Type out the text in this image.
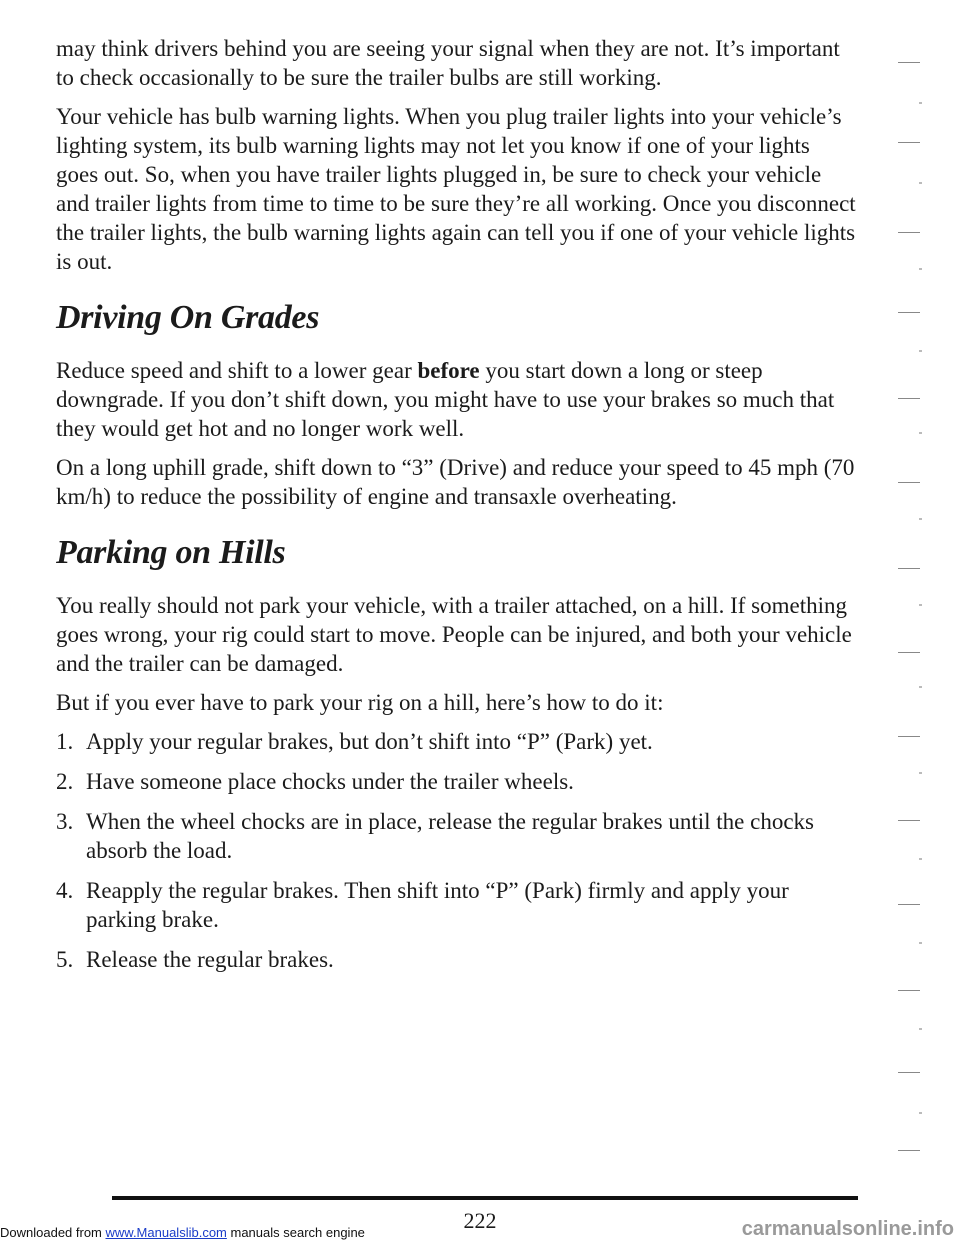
may think drivers behind you are seeing your signal when they are not. It’s important to check occasionally to be sure the trailer bulbs are still working.

Your vehicle has bulb warning lights. When you plug trailer lights into your vehicle’s lighting system, its bulb warning lights may not let you know if one of your lights goes out. So, when you have trailer lights plugged in, be sure to check your vehicle and trailer lights from time to time to be sure they’re all working. Once you disconnect the trailer lights, the bulb warning lights again can tell you if one of your vehicle lights is out.

Driving On Grades

Reduce speed and shift to a lower gear before you start down a long or steep downgrade. If you don’t shift down, you might have to use your brakes so much that they would get hot and no longer work well.

On a long uphill grade, shift down to “3” (Drive) and reduce your speed to 45 mph (70 km/h) to reduce the possibility of engine and transaxle overheating.

Parking on Hills

You really should not park your vehicle, with a trailer attached, on a hill. If something goes wrong, your rig could start to move. People can be injured, and both your vehicle and the trailer can be damaged.

But if you ever have to park your rig on a hill, here’s how to do it:

1. Apply your regular brakes, but don’t shift into “P” (Park) yet.
2. Have someone place chocks under the trailer wheels.
3. When the wheel chocks are in place, release the regular brakes until the chocks absorb the load.
4. Reapply the regular brakes. Then shift into “P” (Park) firmly and apply your parking brake.
5. Release the regular brakes.
222
Downloaded from www.Manualslib.com manuals search engine	carmanualsonline.info
